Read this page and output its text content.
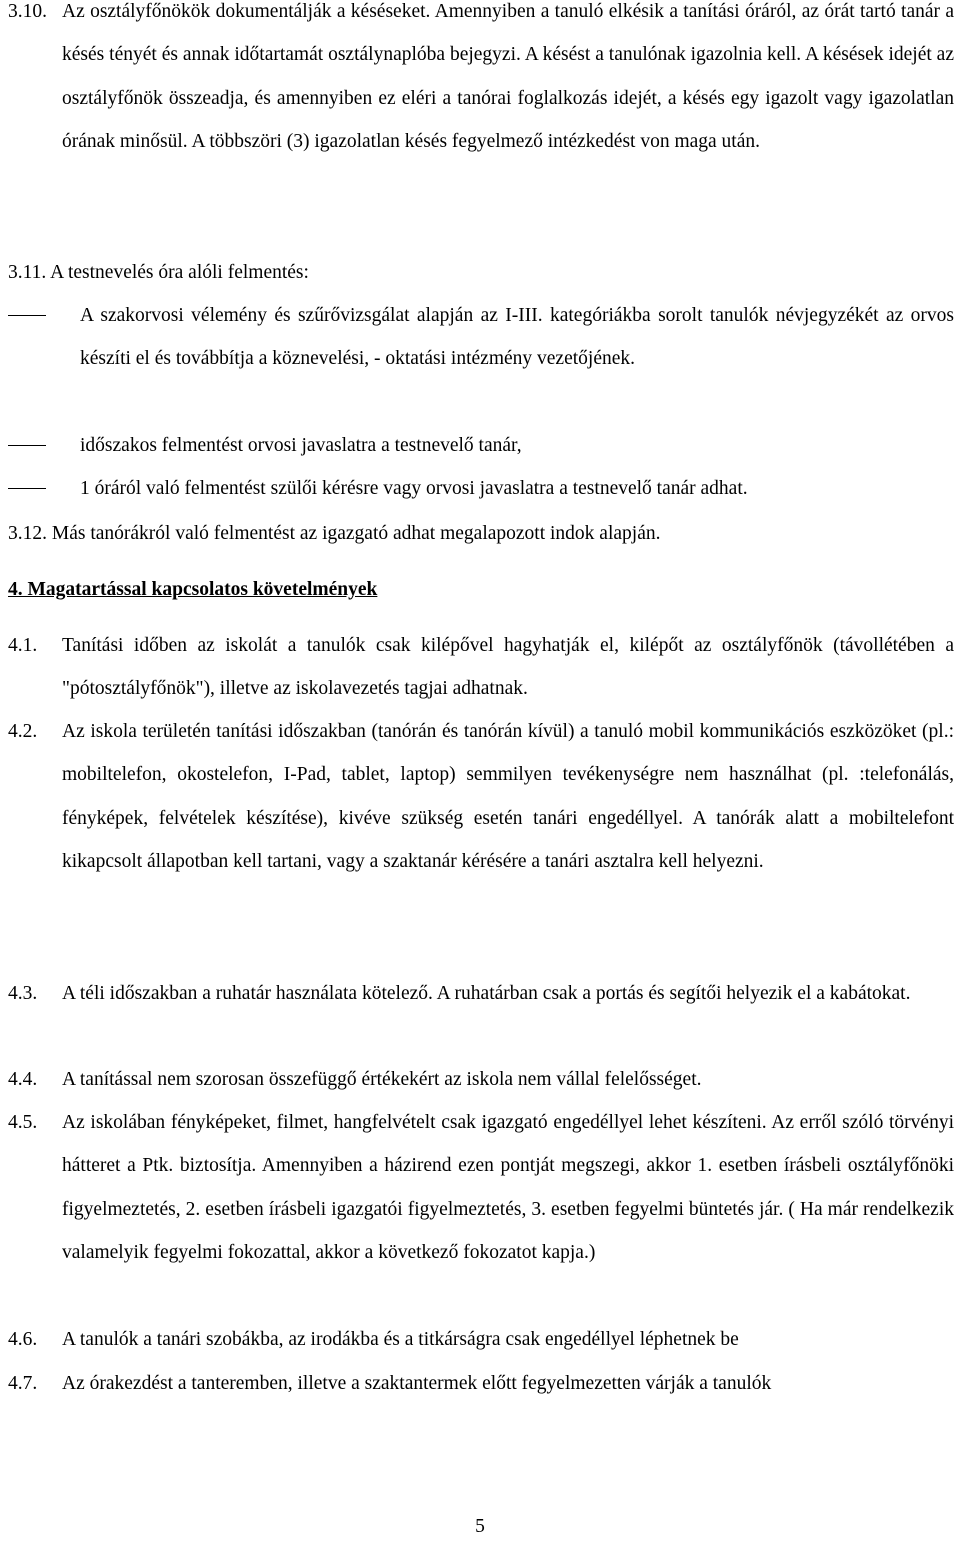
3.10. Az osztályfőnökök dokumentálják a késéseket. Amennyiben a tanuló elkésik a tanítási óráról, az órát tartó tanár a késés tényét és annak időtartamát osztálynaplóba bejegyzi. A késést a tanulónak igazolnia kell. A késések idejét az osztályfőnök összeadja, és amennyiben ez eléri a tanórai foglalkozás idejét, a késés egy igazolt vagy igazolatlan órának minősül. A többszöri (3) igazolatlan késés fegyelmező intézkedést von maga után.
3.11. A testnevelés óra alóli felmentés:
A szakorvosi vélemény és szűrővizsgálat alapján az I-III. kategóriákba sorolt tanulók névjegyzékét az orvos készíti el és továbbítja a köznevelési, - oktatási intézmény vezetőjének.
időszakos felmentést orvosi javaslatra a testnevelő tanár,
1 óráról való felmentést szülői kérésre vagy orvosi javaslatra a testnevelő tanár adhat.
3.12. Más tanórákról való felmentést az igazgató adhat megalapozott indok alapján.
4. Magatartással kapcsolatos követelmények
4.1.	Tanítási időben az iskolát a tanulók csak kilépővel hagyhatják el, kilépőt az osztályfőnök (távollétében a "pótosztályfőnök"), illetve az iskolavezetés tagjai adhatnak.
4.2.	Az iskola területén tanítási időszakban (tanórán és tanórán kívül) a tanuló mobil kommunikációs eszközöket (pl.: mobiltelefon, okostelefon, I-Pad, tablet, laptop) semmilyen tevékenységre nem használhat (pl. :telefonálás, fényképek, felvételek készítése), kivéve szükség esetén tanári engedéllyel. A tanórák alatt a mobiltelefont kikapcsolt állapotban kell tartani, vagy a szaktanár kérésére a tanári asztalra kell helyezni.
4.3.	A téli időszakban a ruhatár használata kötelező. A ruhatárban csak a portás és segítői helyezik el a kabátokat.
4.4.	A tanítással nem szorosan összefüggő értékekért az iskola nem vállal felelősséget.
4.5.	Az iskolában fényképeket, filmet, hangfelvételt csak igazgató engedéllyel lehet készíteni. Az erről szóló törvényi hátteret a Ptk. biztosítja. Amennyiben a házirend ezen pontját megszegi, akkor 1. esetben írásbeli osztályfőnöki figyelmeztetés, 2. esetben írásbeli igazgatói figyelmeztetés, 3. esetben fegyelmi büntetés jár. ( Ha már rendelkezik valamelyik fegyelmi fokozattal, akkor a következő fokozatot kapja.)
4.6.	A tanulók a tanári szobákba, az irodákba és a titkárságra csak engedéllyel léphetnek be
4.7.	Az órakezdést a tanteremben, illetve a szaktantermek előtt fegyelmezetten várják a tanulók
5
